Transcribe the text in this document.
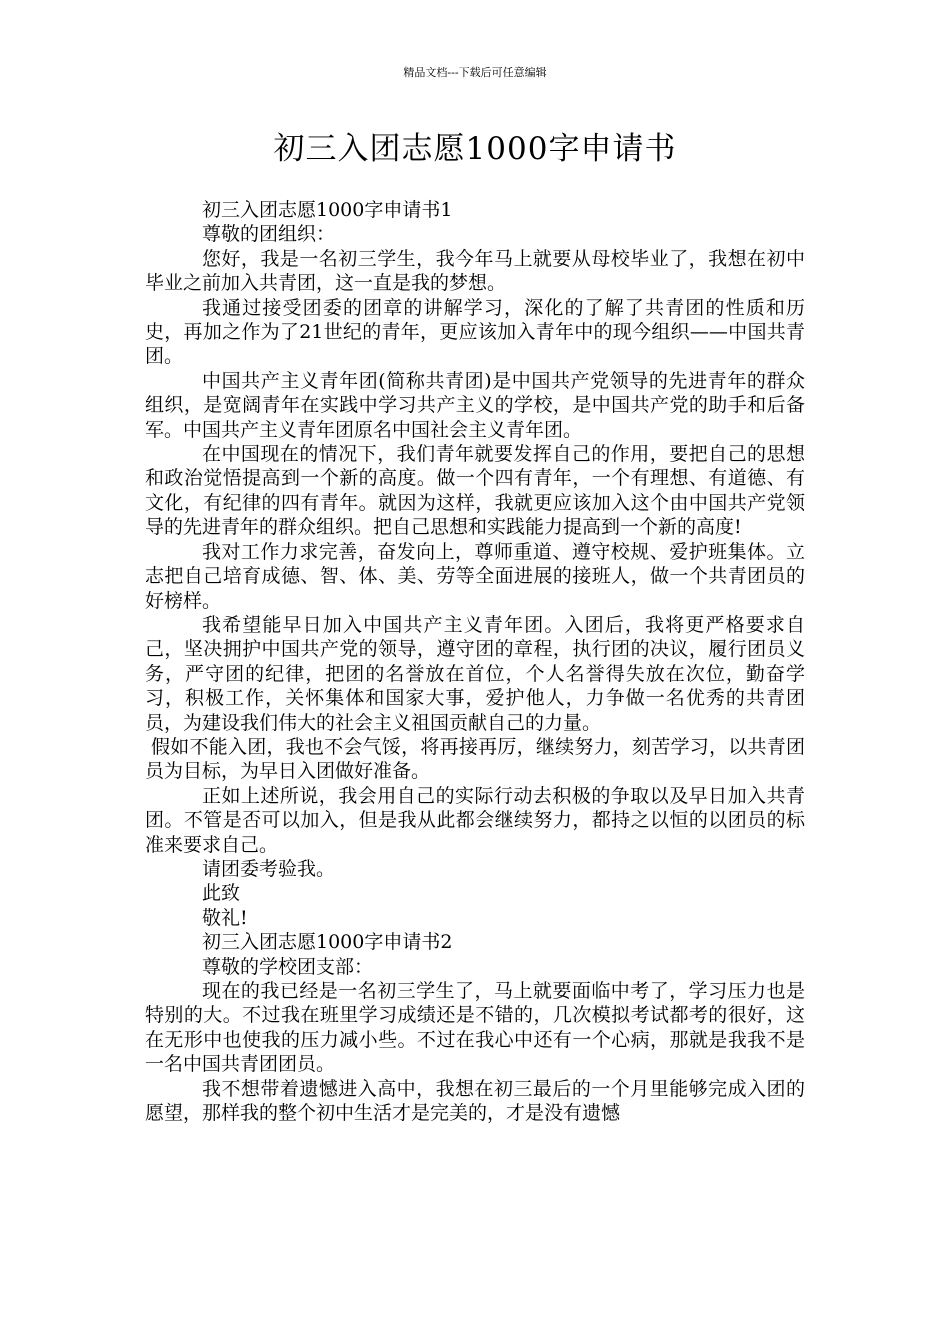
精品文档---下载后可任意编辑
初三入团志愿1000字申请书

初三入团志愿1000字申请书1

尊敬的团组织：

您好，我是一名初三学生，我今年马上就要从母校毕业了，我想在初中毕业之前加入共青团，这一直是我的梦想。

我通过接受团委的团章的讲解学习，深化的了解了共青团的性质和历史，再加之作为了21世纪的青年，更应该加入青年中的现今组织——中国共青团。

中国共产主义青年团(简称共青团)是中国共产党领导的先进青年的群众组织，是宽阔青年在实践中学习共产主义的学校，是中国共产党的助手和后备军。中国共产主义青年团原名中国社会主义青年团。

在中国现在的情况下，我们青年就要发挥自己的作用，要把自己的思想和政治觉悟提高到一个新的高度。做一个四有青年，一个有理想、有道德、有文化，有纪律的四有青年。就因为这样，我就更应该加入这个由中国共产党领导的先进青年的群众组织。把自己思想和实践能力提高到一个新的高度!

我对工作力求完善，奋发向上，尊师重道、遵守校规、爱护班集体。立志把自己培育成德、智、体、美、劳等全面进展的接班人，做一个共青团员的好榜样。

我希望能早日加入中国共产主义青年团。入团后，我将更严格要求自己，坚决拥护中国共产党的领导，遵守团的章程，执行团的决议，履行团员义务，严守团的纪律，把团的名誉放在首位，个人名誉得失放在次位，勤奋学习，积极工作，关怀集体和国家大事，爱护他人，力争做一名优秀的共青团员，为建设我们伟大的社会主义祖国贡献自己的力量。

假如不能入团，我也不会气馁，将再接再厉，继续努力，刻苦学习，以共青团员为目标，为早日入团做好准备。

正如上述所说，我会用自己的实际行动去积极的争取以及早日加入共青团。不管是否可以加入，但是我从此都会继续努力，都持之以恒的以团员的标准来要求自己。

请团委考验我。

此致

敬礼!

初三入团志愿1000字申请书2

尊敬的学校团支部：

现在的我已经是一名初三学生了，马上就要面临中考了，学习压力也是特别的大。不过我在班里学习成绩还是不错的，几次模拟考试都考的很好，这在无形中也使我的压力减小些。不过在我心中还有一个心病，那就是我我不是一名中国共青团团员。

我不想带着遗憾进入高中，我想在初三最后的一个月里能够完成入团的愿望，那样我的整个初中生活才是完美的，才是没有遗憾
